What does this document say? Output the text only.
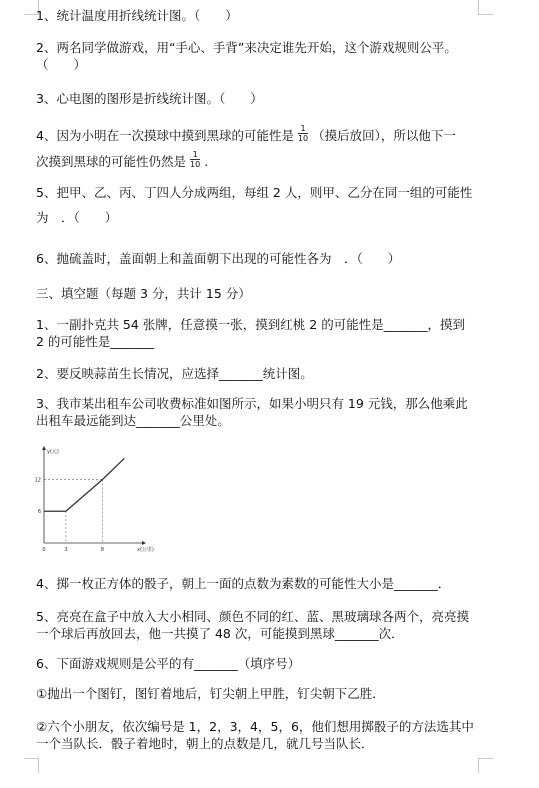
1、统计温度用折线统计图。（　　）
2、两名同学做游戏，用“手心、手背”来决定谁先开始，这个游戏规则公平。
（　　）
3、心电图的图形是折线统计图。（　　）
4、因为小明在一次摸球中摸到黑球的可能性是 $\frac{1}{10}$ （摸后放回），所以他下一
次摸到黑球的可能性仍然是 $\frac{1}{10}$ .
5、把甲、乙、丙、丁四人分成两组，每组 2 人，则甲、乙分在同一组的可能性
为　．（　　）
6、抛硫盖时，盖面朝上和盖面朝下出现的可能性各为　．（　　）
三、填空题（每题 3 分，共计 15 分）
1、一副扑克共 54 张牌，任意摸一张，摸到红桃 2 的可能性是_______，摸到
2 的可能性是_______
2、要反映蒜苗生长情况，应选择_______统计图。
3、我市某出租车公司收费标准如图所示，如果小明只有 19 元钱，那么他乘此
出租车最远能到达_______公里处。
0	3	8
6
12
x(公里)
y(元)
4、掷一枚正方体的骰子，朝上一面的点数为素数的可能性大小是_______．
5、亮亮在盒子中放入大小相同、颜色不同的红、蓝、黑玻璃球各两个，亮亮摸
一个球后再放回去，他一共摸了 48 次，可能摸到黑球_______次．
6、下面游戏规则是公平的有_______（填序号）
①抛出一个图钉，图钉着地后，钉尖朝上甲胜，钉尖朝下乙胜．
②六个小朋友，依次编号是 1，2，3，4，5，6，他们想用掷骰子的方法选其中
一个当队长．骰子着地时，朝上的点数是几，就几号当队长．
